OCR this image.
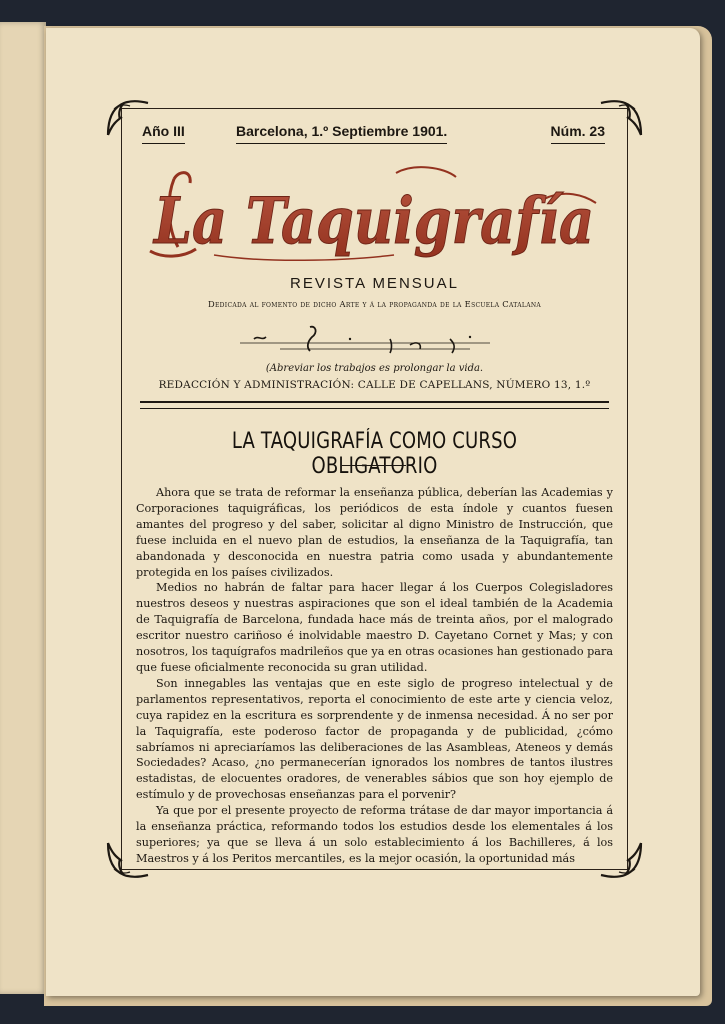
Año III	Barcelona, 1.º Septiembre 1901.	Núm. 23
La Taquigrafía
REVISTA MENSUAL
Dedicada al fomento de dicho Arte y á la propaganda de la Escuela Catalana
(Abreviar los trabajos es prolongar la vida.
REDACCIÓN Y ADMINISTRACIÓN: CALLE DE CAPELLANS, NÚMERO 13, 1.º
LA TAQUIGRAFÍA COMO CURSO OBLIGATORIO

Ahora que se trata de reformar la enseñanza pública, deberían las Academias y Corporaciones taquigráficas, los periódicos de esta índole y cuantos fuesen amantes del progreso y del saber, solicitar al digno Ministro de Instrucción, que fuese incluida en el nuevo plan de estudios, la enseñanza de la Taquigrafía, tan abandonada y desconocida en nuestra patria como usada y abundantemente protegida en los países civilizados.

Medios no habrán de faltar para hacer llegar á los Cuerpos Colegisladores nuestros deseos y nuestras aspiraciones que son el ideal también de la Academia de Taquigrafía de Barcelona, fundada hace más de treinta años, por el malogrado escritor nuestro cariñoso é inolvidable maestro D. Cayetano Cornet y Mas; y con nosotros, los taquígrafos madrileños que ya en otras ocasiones han gestionado para que fuese oficialmente reconocida su gran utilidad.

Son innegables las ventajas que en este siglo de progreso intelectual y de parlamentos representativos, reporta el conocimiento de este arte y ciencia veloz, cuya rapidez en la escritura es sorprendente y de inmensa necesidad. Á no ser por la Taquigrafía, este poderoso factor de propaganda y de publicidad, ¿cómo sabríamos ni apreciaríamos las deliberaciones de las Asambleas, Ateneos y demás Sociedades? Acaso, ¿no permanecerían ignorados los nombres de tantos ilustres estadistas, de elocuentes oradores, de venerables sábios que son hoy ejemplo de estímulo y de provechosas enseñanzas para el porvenir?

Ya que por el presente proyecto de reforma trátase de dar mayor importancia á la enseñanza práctica, reformando todos los estudios desde los elementales á los superiores; ya que se lleva á un solo establecimiento á los Bachilleres, á los Maestros y á los Peritos mercantiles, es la mejor ocasión, la oportunidad más
